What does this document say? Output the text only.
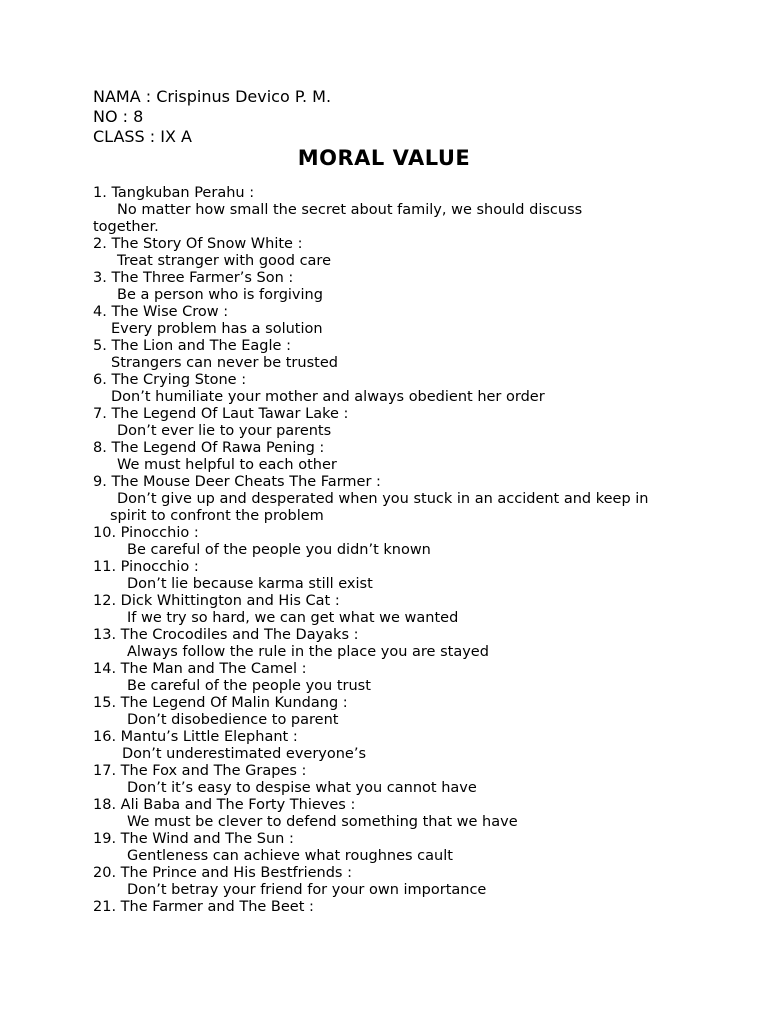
NAMA : Crispinus Devico P. M.
NO : 8
CLASS : IX A
MORAL VALUE
1. Tangkuban Perahu :
No matter how small the secret about family, we should discuss together.
2. The Story Of Snow White :
Treat stranger with good care
3. The Three Farmer’s Son :
Be a person who is forgiving
4. The Wise Crow :
Every problem has a solution
5. The Lion and The Eagle :
Strangers can never be trusted
6. The Crying Stone :
Don’t humiliate your mother and always obedient her order
7. The Legend Of Laut Tawar Lake :
Don’t ever lie to your parents
8. The Legend Of Rawa Pening :
We must helpful to each other
9. The Mouse Deer Cheats The Farmer :
Don’t give up and desperated when you stuck in an accident and keep in spirit to confront the problem
10. Pinocchio :
Be careful of the people you didn’t known
11. Pinocchio :
Don’t lie because karma still exist
12. Dick Whittington and His Cat :
If we try so hard, we can get what we wanted
13. The Crocodiles and The Dayaks :
Always follow the rule in the place you are stayed
14. The Man and The Camel :
Be careful of the people you trust
15. The Legend Of Malin Kundang :
Don’t disobedience to parent
16. Mantu’s Little Elephant :
Don’t underestimated everyone’s
17. The Fox and The Grapes :
Don’t it’s easy to despise what you cannot have
18. Ali Baba and The Forty Thieves :
We must be clever to defend something that we have
19. The Wind and The Sun :
Gentleness can achieve what roughnes cault
20. The Prince and His Bestfriends :
Don’t betray your friend for your own importance
21. The Farmer and The Beet :
